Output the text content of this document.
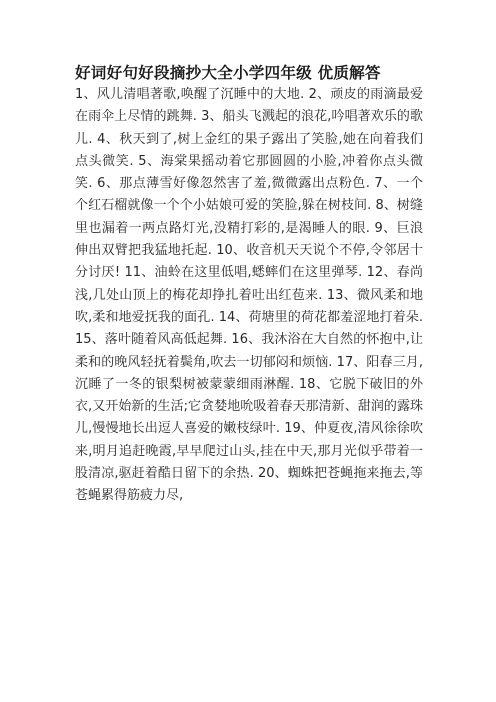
好词好句好段摘抄大全小学四年级 优质解答
1、风儿清唱著歌,唤醒了沉睡中的大地. 2、顽皮的雨滴最爱在雨伞上尽情的跳舞. 3、船头飞溅起的浪花,吟唱著欢乐的歌儿. 4、秋天到了,树上金红的果子露出了笑脸,她在向着我们点头微笑. 5、海棠果摇动着它那圆圆的小脸,冲着你点头微笑. 6、那点薄雪好像忽然害了羞,微微露出点粉色. 7、一个个红石榴就像一个个小姑娘可爱的笑脸,躲在树枝间. 8、树缝里也漏着一两点路灯光,没精打彩的,是渴睡人的眼. 9、巨浪伸出双臂把我猛地托起. 10、收音机天天说个不停,令邻居十分讨厌! 11、油蛉在这里低唱,蟋蟀们在这里弹琴. 12、春尚浅,几处山顶上的梅花却挣扎着吐出红苞来. 13、微风柔和地吹,柔和地爱抚我的面孔. 14、荷塘里的荷花都羞涩地打着朵. 15、落叶随着风高低起舞. 16、我沐浴在大自然的怀抱中,让柔和的晚风轻抚着鬓角,吹去一切郁闷和烦恼. 17、阳春三月,沉睡了一冬的银梨树被蒙蒙细雨淋醒. 18、它脱下破旧的外衣,又开始新的生活;它贪婪地吮吸着春天那清新、甜润的露珠儿,慢慢地长出逗人喜爱的嫩枝绿叶. 19、仲夏夜,清风徐徐吹来,明月追赶晚霞,早早爬过山头,挂在中天,那月光似乎带着一股清凉,驱赶着酷日留下的余热. 20、蜘蛛把苍蝇拖来拖去,等苍蝇累得筋疲力尽,
